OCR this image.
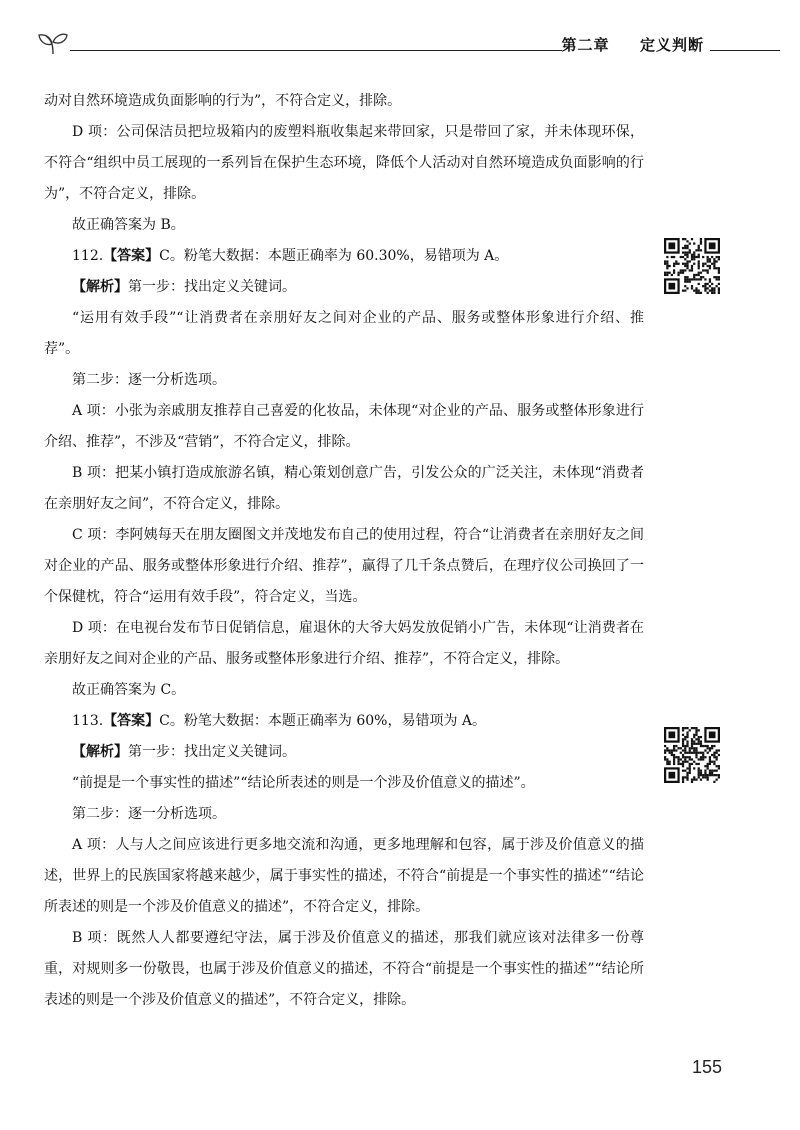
第二章 定义判断

动对自然环境造成负面影响的行为”，不符合定义，排除。

D 项：公司保洁员把垃圾箱内的废塑料瓶收集起来带回家，只是带回了家，并未体现环保，不符合“组织中员工展现的一系列旨在保护生态环境，降低个人活动对自然环境造成负面影响的行为”，不符合定义，排除。

故正确答案为 B。

112.【答案】C。粉笔大数据：本题正确率为 60.30%，易错项为 A。

【解析】第一步：找出定义关键词。

“运用有效手段”“让消费者在亲朋好友之间对企业的产品、服务或整体形象进行介绍、推荐”。

第二步：逐一分析选项。

A 项：小张为亲戚朋友推荐自己喜爱的化妆品，未体现“对企业的产品、服务或整体形象进行介绍、推荐”，不涉及“营销”，不符合定义，排除。

B 项：把某小镇打造成旅游名镇，精心策划创意广告，引发公众的广泛关注，未体现“消费者在亲朋好友之间”，不符合定义，排除。

C 项：李阿姨每天在朋友圈图文并茂地发布自己的使用过程，符合“让消费者在亲朋好友之间对企业的产品、服务或整体形象进行介绍、推荐”，赢得了几千条点赞后，在理疗仪公司换回了一个保健枕，符合“运用有效手段”，符合定义，当选。

D 项：在电视台发布节日促销信息，雇退休的大爷大妈发放促销小广告，未体现“让消费者在亲朋好友之间对企业的产品、服务或整体形象进行介绍、推荐”，不符合定义，排除。

故正确答案为 C。

113.【答案】C。粉笔大数据：本题正确率为 60%，易错项为 A。

【解析】第一步：找出定义关键词。

“前提是一个事实性的描述”“结论所表述的则是一个涉及价值意义的描述”。

第二步：逐一分析选项。

A 项：人与人之间应该进行更多地交流和沟通，更多地理解和包容，属于涉及价值意义的描述，世界上的民族国家将越来越少，属于事实性的描述，不符合“前提是一个事实性的描述”“结论所表述的则是一个涉及价值意义的描述”，不符合定义，排除。

B 项：既然人人都要遵纪守法，属于涉及价值意义的描述，那我们就应该对法律多一份尊重，对规则多一份敬畏，也属于涉及价值意义的描述，不符合“前提是一个事实性的描述”“结论所表述的则是一个涉及价值意义的描述”，不符合定义，排除。

155
